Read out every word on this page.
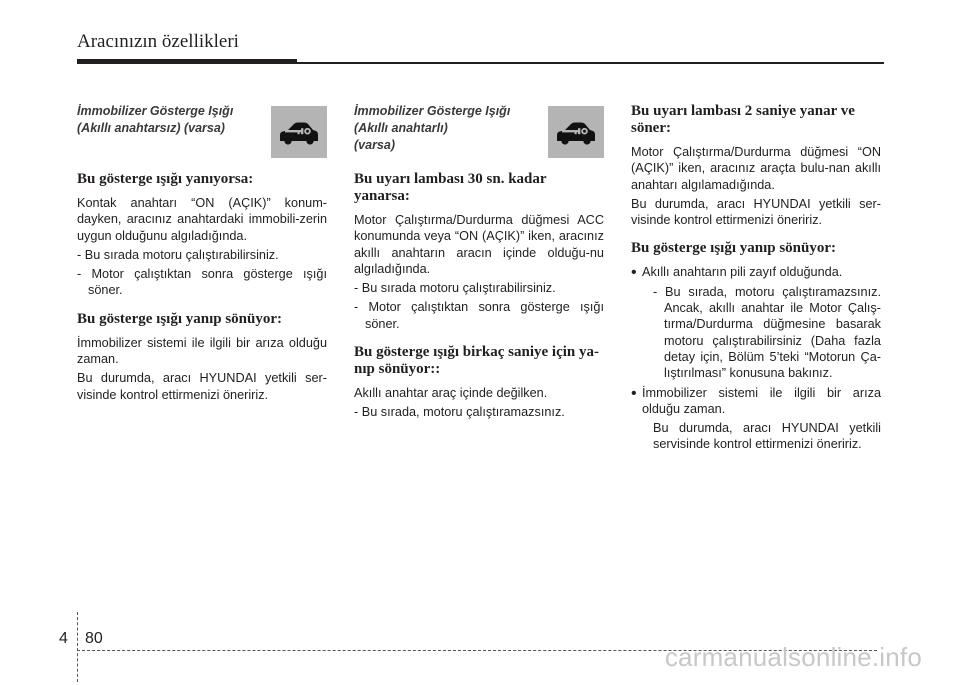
Aracınızın özellikleri
İmmobilizer Gösterge Işığı
(Akıllı anahtarsız) (varsa)
Bu gösterge ışığı yanıyorsa:

Kontak anahtarı “ON (AÇIK)” konum-dayken, aracınız anahtardaki immobili-zerin uygun olduğunu algıladığında.

- Bu sırada motoru çalıştırabilirsiniz.

- Motor çalıştıktan sonra gösterge ışığı söner.

Bu gösterge ışığı yanıp sönüyor:

İmmobilizer sistemi ile ilgili bir arıza olduğu zaman.

Bu durumda, aracı HYUNDAI yetkili ser-visinde kontrol ettirmenizi öneririz.

İmmobilizer Gösterge Işığı
(Akıllı anahtarlı)
(varsa)
Bu uyarı lambası 30 sn. kadar
yanarsa:

Motor Çalıştırma/Durdurma düğmesi ACC konumunda veya “ON (AÇIK)” iken, aracınız akıllı anahtarın aracın içinde olduğu-nu algıladığında.

- Bu sırada motoru çalıştırabilirsiniz.

- Motor çalıştıktan sonra gösterge ışığı söner.

Bu gösterge ışığı birkaç saniye için ya-
nıp sönüyor::

Akıllı anahtar araç içinde değilken.

- Bu sırada, motoru çalıştıramazsınız.

Bu uyarı lambası 2 saniye yanar ve söner:

Motor Çalıştırma/Durdurma düğmesi “ON (AÇIK)” iken, aracınız araçta bulu-nan akıllı anahtarı algılamadığında.

Bu durumda, aracı HYUNDAI yetkili ser-visinde kontrol ettirmenizi öneririz.

Bu gösterge ışığı yanıp sönüyor:
• Akıllı anahtarın pili zayıf olduğunda.

- Bu sırada, motoru çalıştıramazsınız. Ancak, akıllı anahtar ile Motor Çalış-tırma/Durdurma düğmesine basarak motoru çalıştırabilirsiniz (Daha fazla detay için, Bölüm 5’teki “Motorun Ça-lıştırılması” konusuna bakınız.

• İmmobilizer sistemi ile ilgili bir arıza olduğu zaman.

Bu durumda, aracı HYUNDAI yetkili servisinde kontrol ettirmenizi öneririz.

4 80
carmanualsonline.info
